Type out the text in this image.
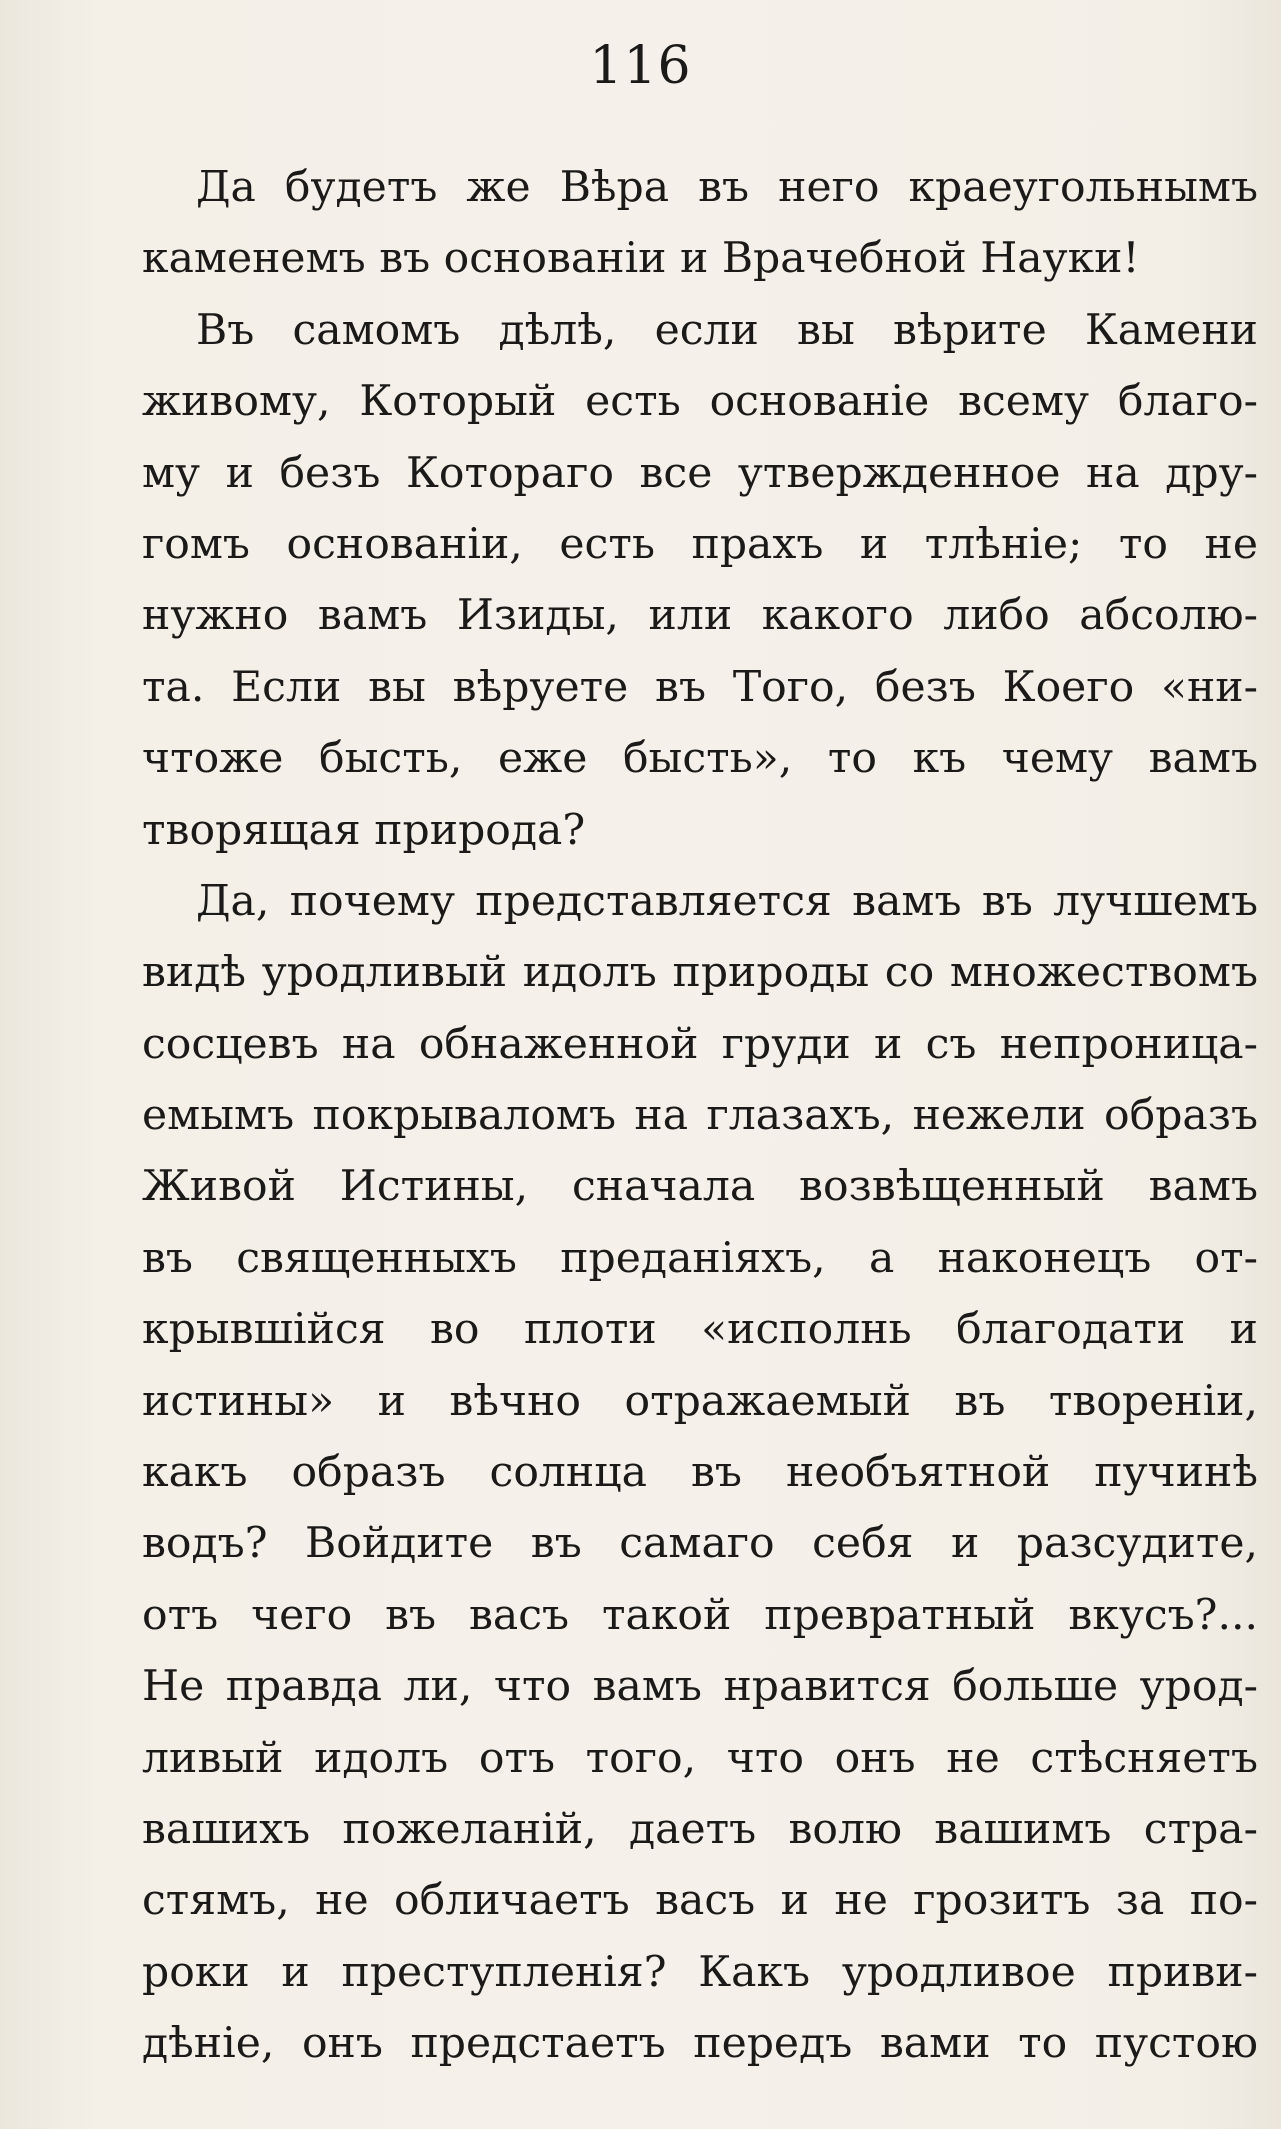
116
Да будетъ же Вѣра въ него краеугольнымъ
каменемъ въ основаніи и Врачебной Науки!
Въ самомъ дѣлѣ, если вы вѣрите Камени
живому, Который есть основаніе всему благо-
му и безъ Котораго все утвержденное на дру-
гомъ основаніи, есть прахъ и тлѣніе; то не
нужно вамъ Изиды, или какого либо абсолю-
та. Если вы вѣруете въ Того, безъ Коего «ни-
чтоже бысть, еже бысть», то къ чему вамъ
творящая природа?
Да, почему представляется вамъ въ лучшемъ
видѣ уродливый идолъ природы со множествомъ
сосцевъ на обнаженной груди и съ непроница-
емымъ покрываломъ на глазахъ, нежели образъ
Живой Истины, сначала возвѣщенный вамъ
въ священныхъ преданіяхъ, а наконецъ от-
крывшійся во плоти «исполнь благодати и
истины» и вѣчно отражаемый въ твореніи,
какъ образъ солнца въ необъятной пучинѣ
водъ? Войдите въ самаго себя и разсудите,
отъ чего въ васъ такой превратный вкусъ?...
Не правда ли, что вамъ нравится больше урод-
ливый идолъ отъ того, что онъ не стѣсняетъ
вашихъ пожеланій, даетъ волю вашимъ стра-
стямъ, не обличаетъ васъ и не грозитъ за по-
роки и преступленія? Какъ уродливое приви-
дѣніе, онъ предстаетъ передъ вами то пустою
